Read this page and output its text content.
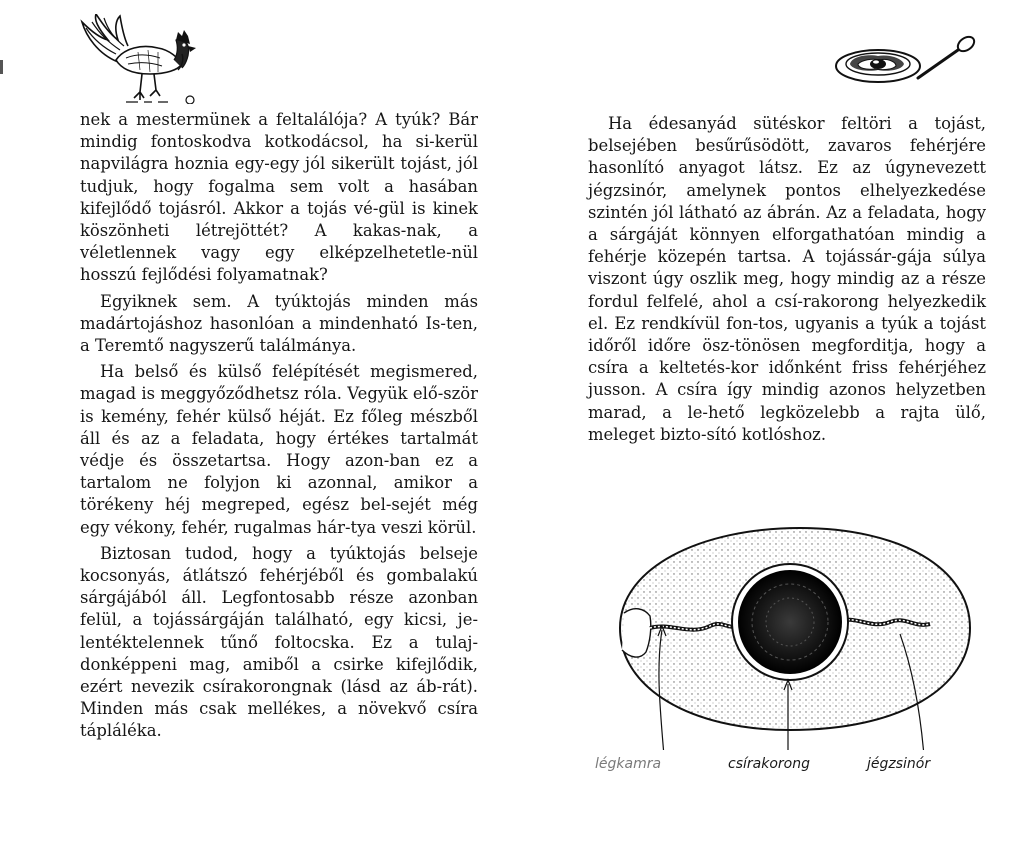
nek a mestermünek a feltalálója? A tyúk? Bár mindig fontoskodva kotkodácsol, ha si-kerül napvilágra hoznia egy-egy jól sikerült tojást, jól tudjuk, hogy fogalma sem volt a hasában kifejlődő tojásról. Akkor a tojás vé-gül is kinek köszönheti létrejöttét? A kakas-nak, a véletlennek vagy egy elképzelhetetle-nül hosszú fejlődési folyamatnak?

Egyiknek sem. A tyúktojás minden más madártojáshoz hasonlóan a mindenható Is-ten, a Teremtő nagyszerű találmánya.

Ha belső és külső felépítését megismered, magad is meggyőződhetsz róla. Vegyük elő-ször is kemény, fehér külső héját. Ez főleg mészből áll és az a feladata, hogy értékes tartalmát védje és összetartsa. Hogy azon-ban ez a tartalom ne folyjon ki azonnal, amikor a törékeny héj megreped, egész bel-sejét még egy vékony, fehér, rugalmas hár-tya veszi körül.

Biztosan tudod, hogy a tyúktojás belseje kocsonyás, átlátszó fehérjéből és gombalakú sárgájából áll. Legfontosabb része azonban felül, a tojássárgáján található, egy kicsi, je-lentéktelennek tűnő foltocska. Ez a tulaj-donképpeni mag, amiből a csirke kifejlődik, ezért nevezik csírakorongnak (lásd az áb-rát). Minden más csak mellékes, a növekvő csíra tápláléka.

Ha édesanyád sütéskor feltöri a tojást, belsejében besűrűsödött, zavaros fehérjére hasonlító anyagot látsz. Ez az úgynevezett jégzsinór, amelynek pontos elhelyezkedése szintén jól látható az ábrán. Az a feladata, hogy a sárgáját könnyen elforgathatóan mindig a fehérje közepén tartsa. A tojássár-gája súlya viszont úgy oszlik meg, hogy mindig az a része fordul felfelé, ahol a csí-rakorong helyezkedik el. Ez rendkívül fon-tos, ugyanis a tyúk a tojást időről időre ösz-tönösen megforditja, hogy a csíra a keltetés-kor időnként friss fehérjéhez jusson. A csíra így mindig azonos helyzetben marad, a le-hető legközelebb a rajta ülő, meleget bizto-sító kotlóshoz.

légkamra	csírakorong	jégzsinór
